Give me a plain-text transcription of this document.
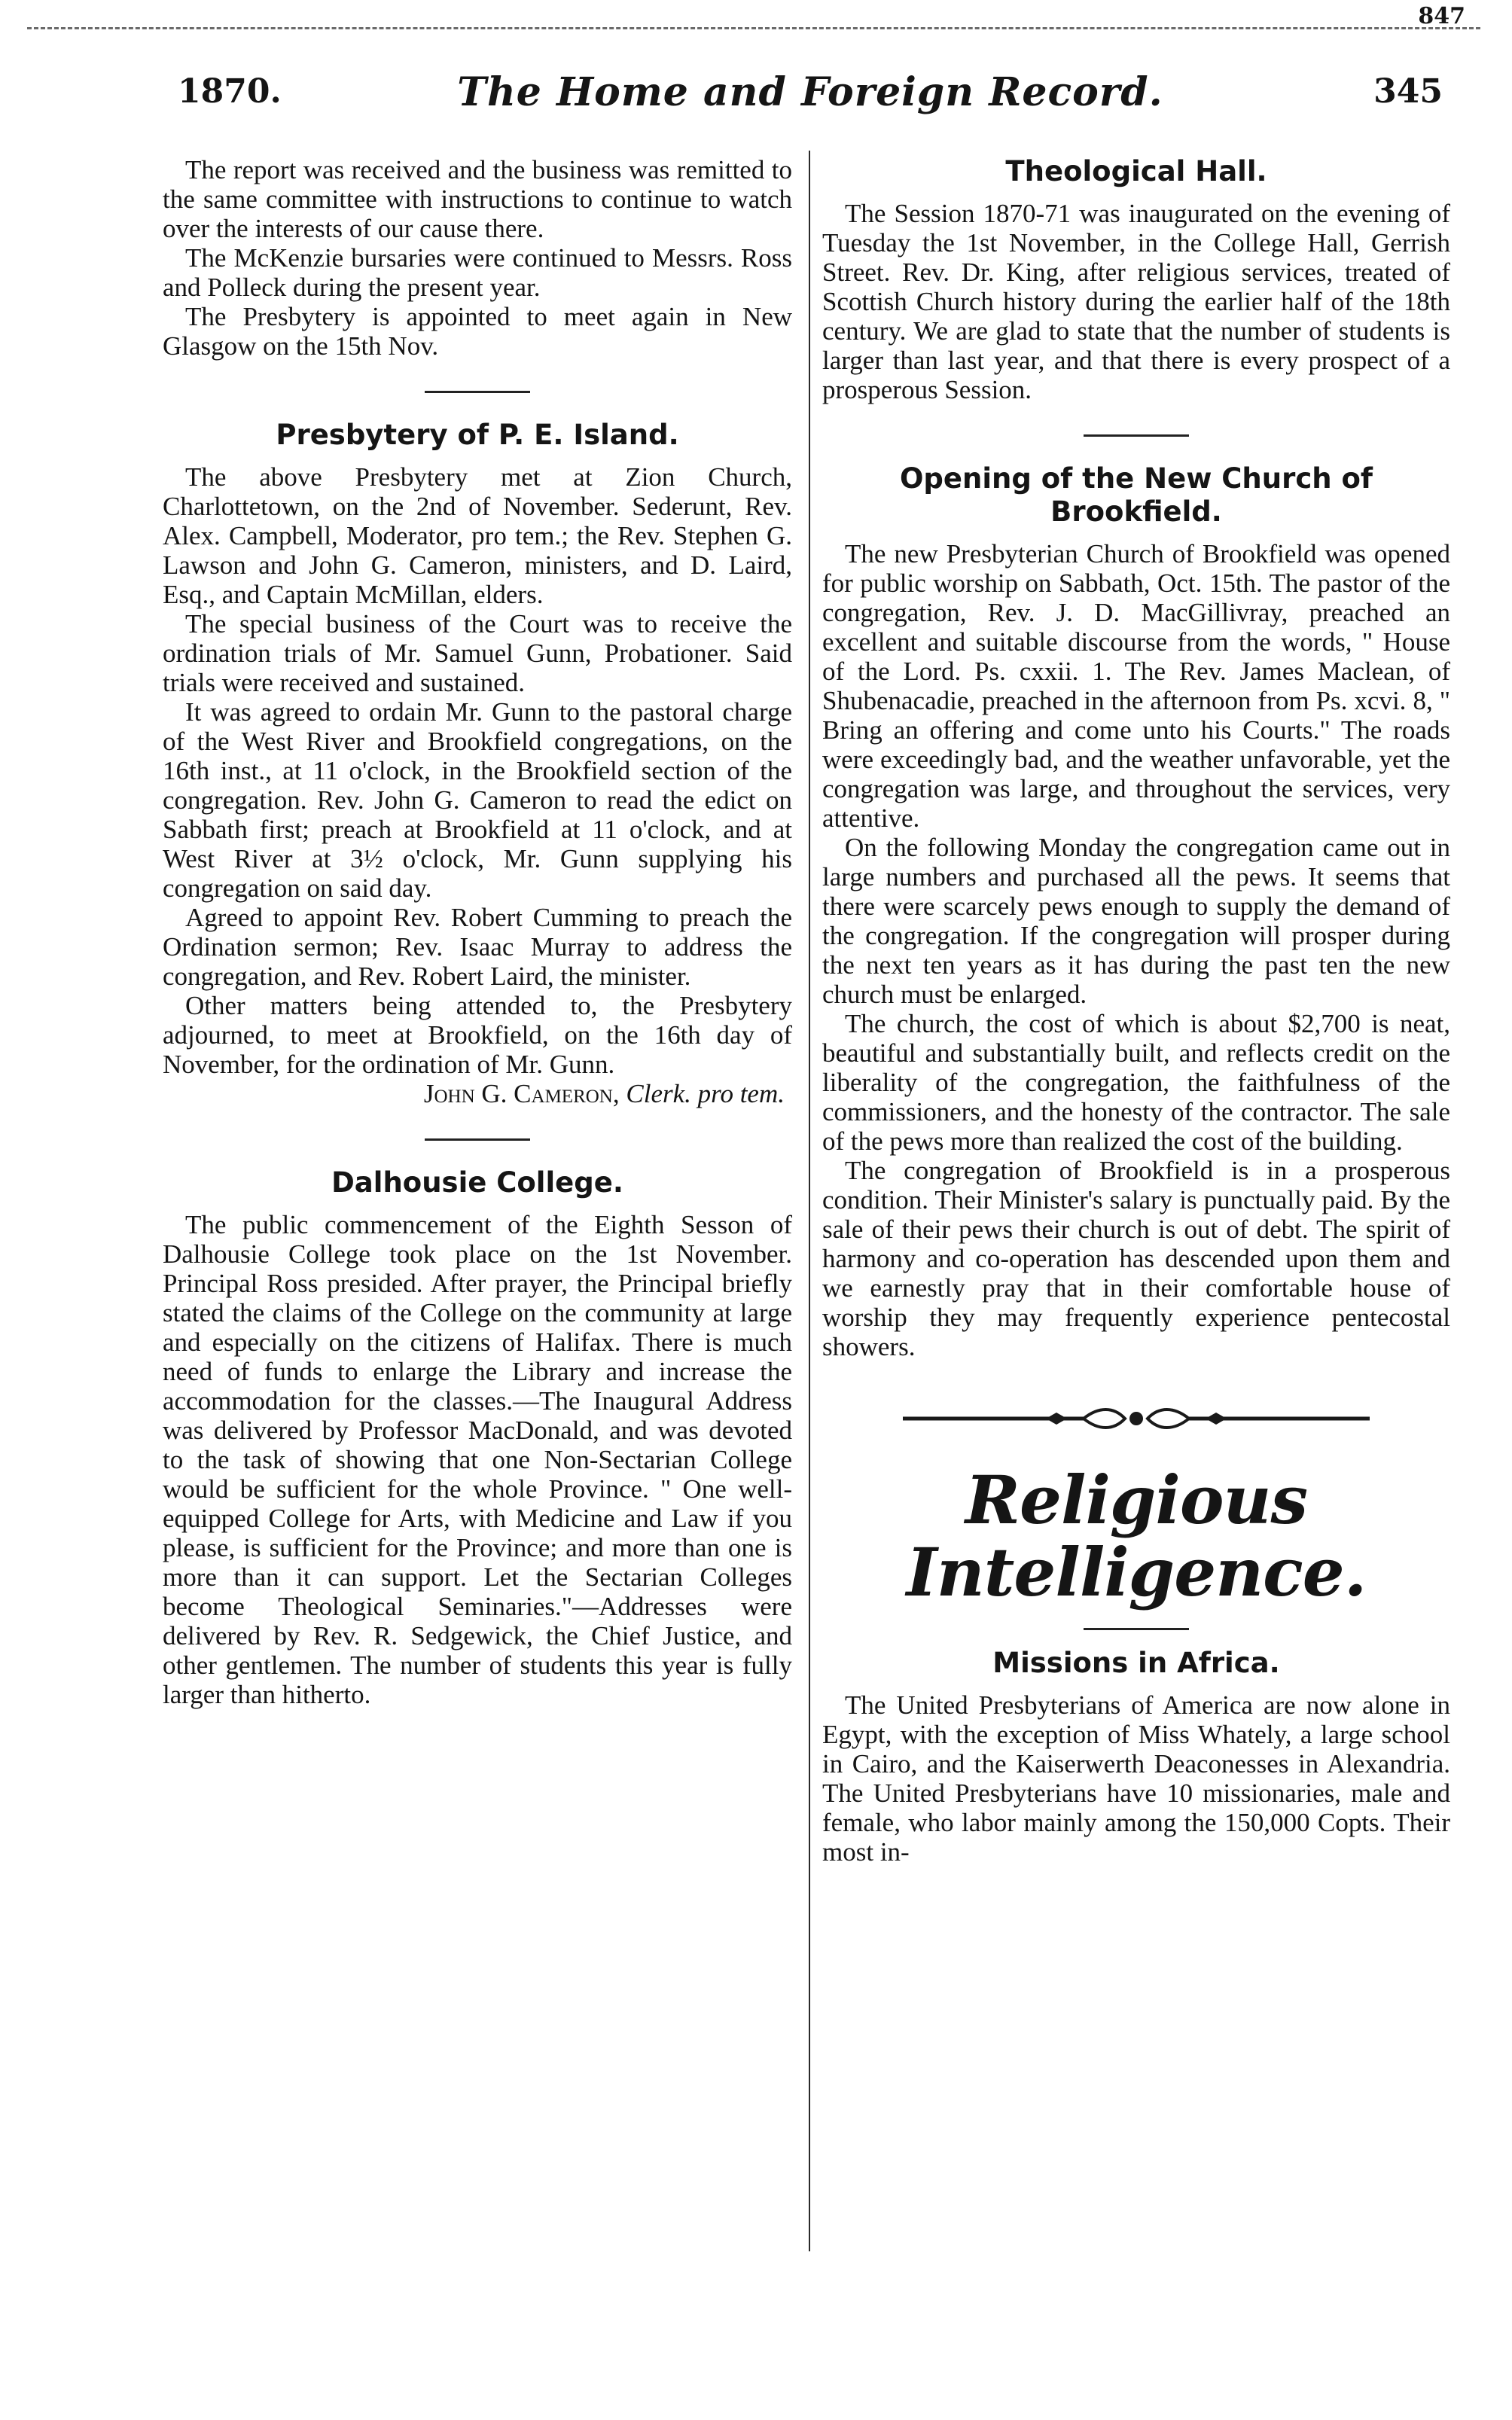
847
1870.	The Home and Foreign Record.	345

The report was received and the business was remitted to the same committee with instructions to continue to watch over the interests of our cause there.

The McKenzie bursaries were continued to Messrs. Ross and Polleck during the present year.

The Presbytery is appointed to meet again in New Glasgow on the 15th Nov.

Presbytery of P. E. Island.

The above Presbytery met at Zion Church, Charlottetown, on the 2nd of November. Sederunt, Rev. Alex. Campbell, Moderator, pro tem.; the Rev. Stephen G. Lawson and John G. Cameron, ministers, and D. Laird, Esq., and Captain McMillan, elders.

The special business of the Court was to receive the ordination trials of Mr. Samuel Gunn, Probationer. Said trials were received and sustained.

It was agreed to ordain Mr. Gunn to the pastoral charge of the West River and Brookfield congregations, on the 16th inst., at 11 o'clock, in the Brookfield section of the congregation. Rev. John G. Cameron to read the edict on Sabbath first; preach at Brookfield at 11 o'clock, and at West River at 3½ o'clock, Mr. Gunn supplying his congregation on said day.

Agreed to appoint Rev. Robert Cumming to preach the Ordination sermon; Rev. Isaac Murray to address the congregation, and Rev. Robert Laird, the minister.

Other matters being attended to, the Presbytery adjourned, to meet at Brookfield, on the 16th day of November, for the ordination of Mr. Gunn.

John G. Cameron, Clerk. pro tem.

Dalhousie College.

The public commencement of the Eighth Sesson of Dalhousie College took place on the 1st November. Principal Ross presided. After prayer, the Principal briefly stated the claims of the College on the community at large and especially on the citizens of Halifax. There is much need of funds to enlarge the Library and increase the accommodation for the classes.—The Inaugural Address was delivered by Professor MacDonald, and was devoted to the task of showing that one Non-Sectarian College would be sufficient for the whole Province. " One well-equipped College for Arts, with Medicine and Law if you please, is sufficient for the Province; and more than one is more than it can support. Let the Sectarian Colleges become Theological Seminaries."—Addresses were delivered by Rev. R. Sedgewick, the Chief Justice, and other gentlemen. The number of students this year is fully larger than hitherto.

Theological Hall.

The Session 1870-71 was inaugurated on the evening of Tuesday the 1st November, in the College Hall, Gerrish Street. Rev. Dr. King, after religious services, treated of Scottish Church history during the earlier half of the 18th century. We are glad to state that the number of students is larger than last year, and that there is every prospect of a prosperous Session.

Opening of the New Church of Brookfield.

The new Presbyterian Church of Brookfield was opened for public worship on Sabbath, Oct. 15th. The pastor of the congregation, Rev. J. D. MacGillivray, preached an excellent and suitable discourse from the words, " House of the Lord. Ps. cxxii. 1. The Rev. James Maclean, of Shubenacadie, preached in the afternoon from Ps. xcvi. 8, " Bring an offering and come unto his Courts." The roads were exceedingly bad, and the weather unfavorable, yet the congregation was large, and throughout the services, very attentive.

On the following Monday the congregation came out in large numbers and purchased all the pews. It seems that there were scarcely pews enough to supply the demand of the congregation. If the congregation will prosper during the next ten years as it has during the past ten the new church must be enlarged.

The church, the cost of which is about $2,700 is neat, beautiful and substantially built, and reflects credit on the liberality of the congregation, the faithfulness of the commissioners, and the honesty of the contractor. The sale of the pews more than realized the cost of the building.

The congregation of Brookfield is in a prosperous condition. Their Minister's salary is punctually paid. By the sale of their pews their church is out of debt. The spirit of harmony and co-operation has descended upon them and we earnestly pray that in their comfortable house of worship they may frequently experience pentecostal showers.

Religious Intelligence.
Missions in Africa.

The United Presbyterians of America are now alone in Egypt, with the exception of Miss Whately, a large school in Cairo, and the Kaiserwerth Deaconesses in Alexandria. The United Presbyterians have 10 missionaries, male and female, who labor mainly among the 150,000 Copts. Their most in-
